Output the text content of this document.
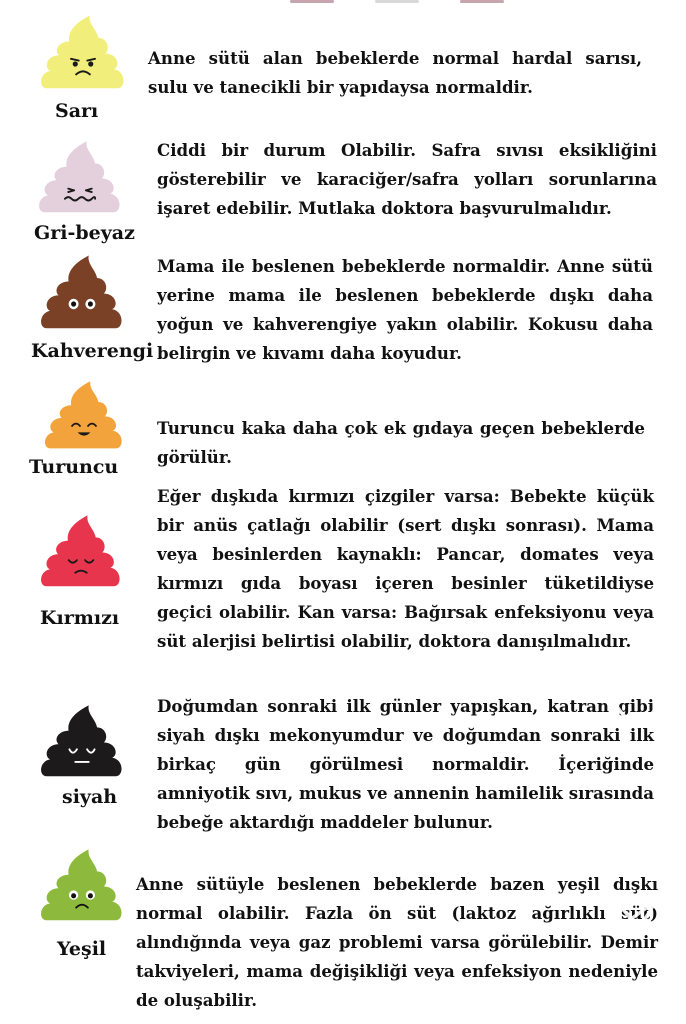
Sarı
Anne sütü alan bebeklerde normal hardal sarısı, sulu ve tanecikli bir yapıdaysa normaldir.
Gri-beyaz
Ciddi bir durum Olabilir. Safra sıvısı eksikliğini gösterebilir ve karaciğer/safra yolları sorunlarına işaret edebilir. Mutlaka doktora başvurulmalıdır.
Kahverengi
Mama ile beslenen bebeklerde normaldir. Anne sütü yerine mama ile beslenen bebeklerde dışkı daha yoğun ve kahverengiye yakın olabilir. Kokusu daha belirgin ve kıvamı daha koyudur.
Turuncu
Turuncu kaka daha çok ek gıdaya geçen bebeklerde görülür.
Kırmızı
Eğer dışkıda kırmızı çizgiler varsa: Bebekte küçük bir anüs çatlağı olabilir (sert dışkı sonrası). Mama veya besinlerden kaynaklı: Pancar, domates veya kırmızı gıda boyası içeren besinler tüketildiyse geçici olabilir. Kan varsa: Bağırsak enfeksiyonu veya süt alerjisi belirtisi olabilir, doktora danışılmalıdır.
siyah
Doğumdan sonraki ilk günler yapışkan, katran gibi siyah dışkı mekonyumdur ve doğumdan sonraki ilk birkaç gün görülmesi normaldir. İçeriğinde amniyotik sıvı, mukus ve annenin hamilelik sırasında bebeğe aktardığı maddeler bulunur.
Yeşil
Anne sütüyle beslenen bebeklerde bazen yeşil dışkı normal olabilir. Fazla ön süt (laktoz ağırlıklı süt) alındığında veya gaz problemi varsa görülebilir. Demir takviyeleri, mama değişikliği veya enfeksiyon nedeniyle de oluşabilir.
